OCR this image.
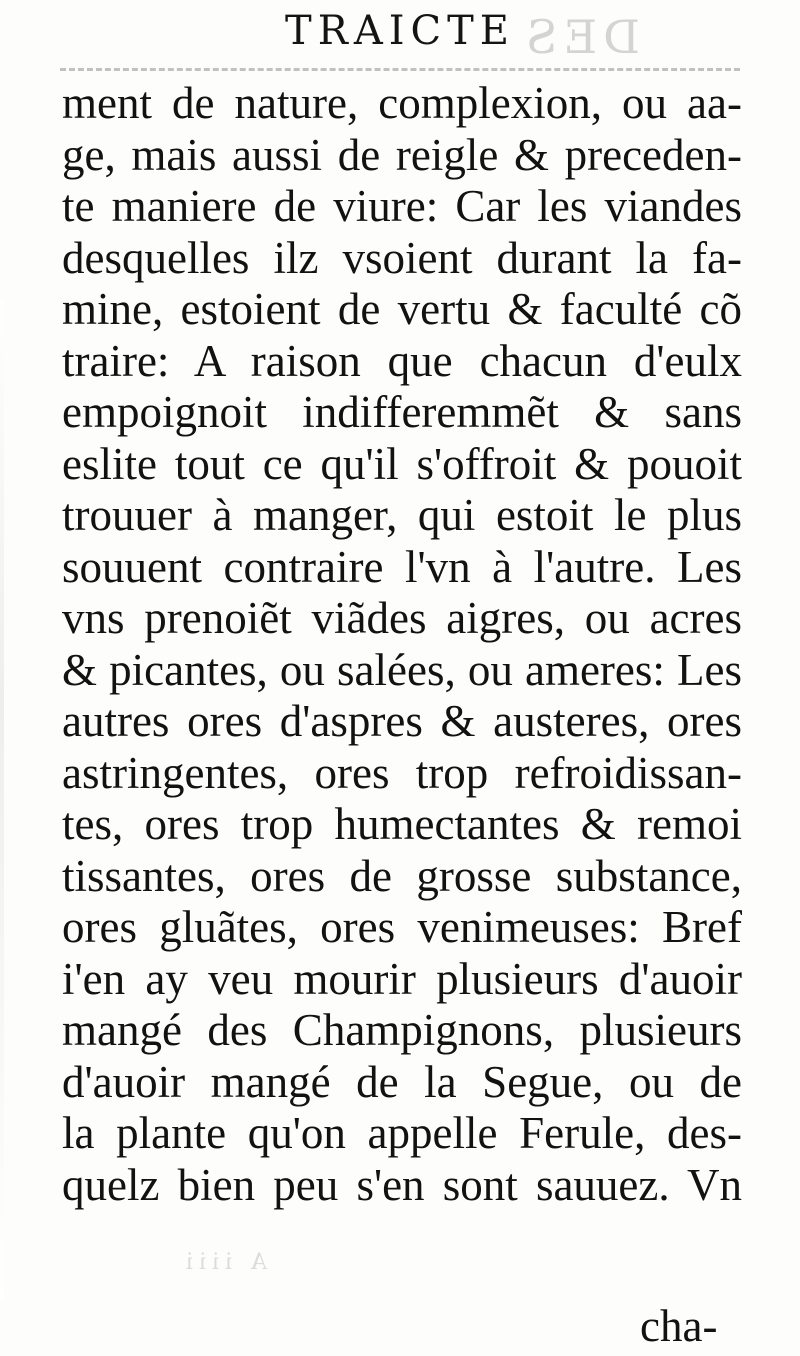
DES
A iiii
TRAICTE
ment de nature, complexion, ou aa-
ge, mais aussi de reigle & preceden-
te maniere de viure: Car les viandes
desquelles ilz vsoient durant la fa-
mine, estoient de vertu & faculté cõ
traire: A raison que chacun d'eulx
empoignoit indifferemmẽt & sans
eslite tout ce qu'il s'offroit & pouoit
trouuer à manger, qui estoit le plus
souuent contraire l'vn à l'autre. Les
vns prenoiẽt viãdes aigres, ou acres
& picantes, ou salées, ou ameres: Les
autres ores d'aspres & austeres, ores
astringentes, ores trop refroidissan-
tes, ores trop humectantes & remoi
tissantes, ores de grosse substance,
ores gluãtes, ores venimeuses: Bref
i'en ay veu mourir plusieurs d'auoir
mangé des Champignons, plusieurs
d'auoir mangé de la Segue, ou de
la plante qu'on appelle Ferule, des-
quelz bien peu s'en sont sauuez. Vn
cha-
